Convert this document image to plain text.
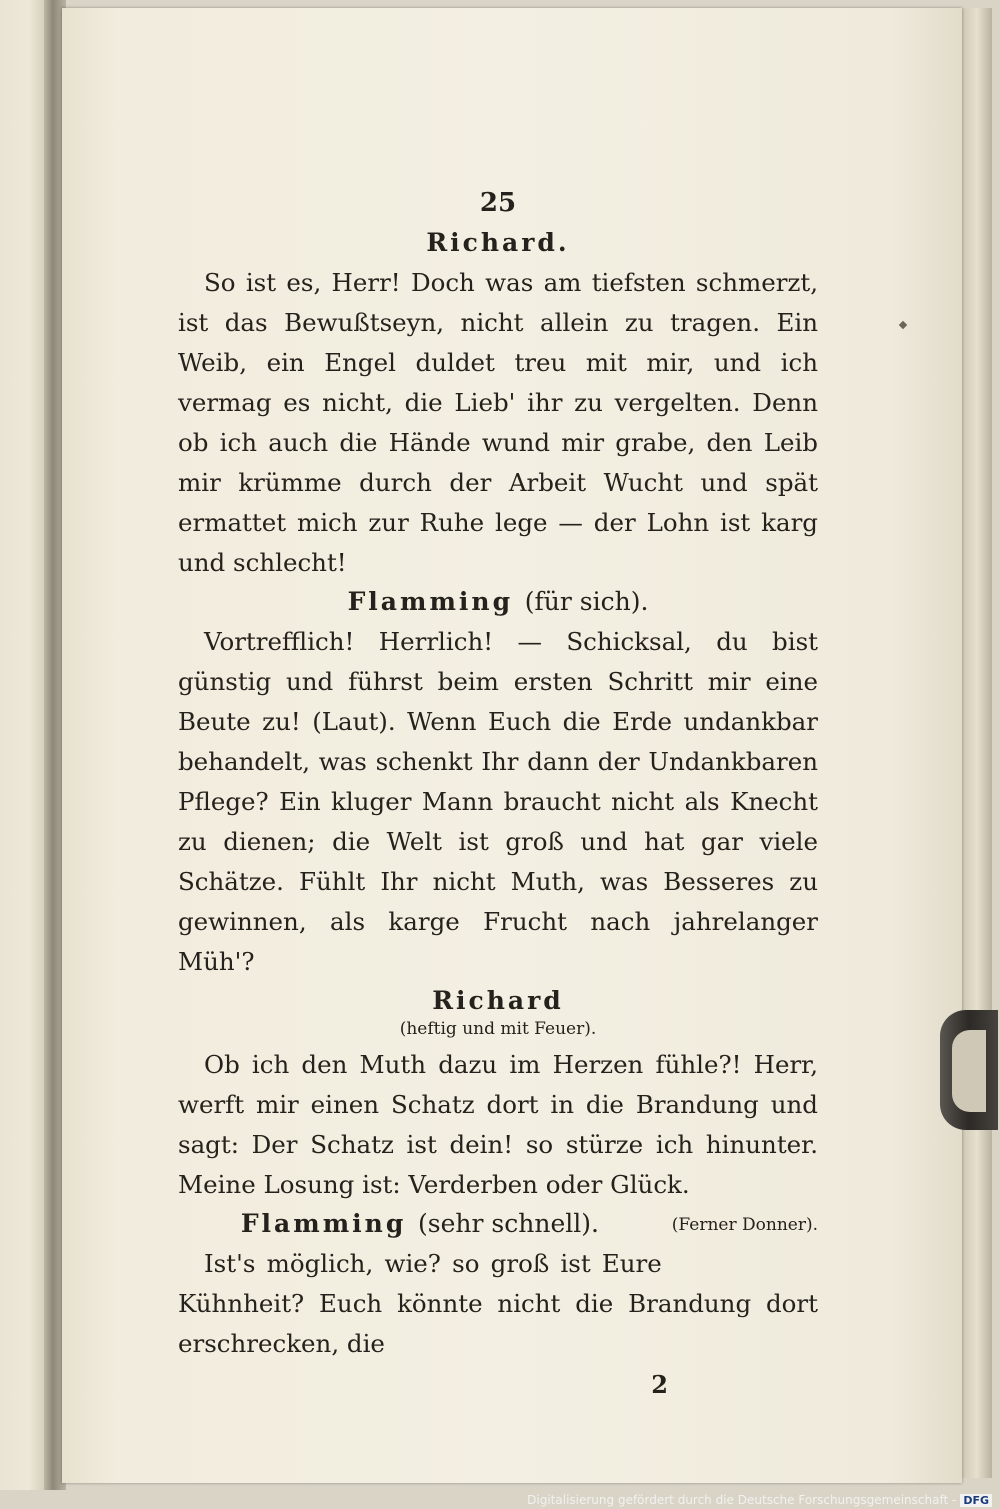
25
Richard.

So ist es, Herr! Doch was am tiefsten schmerzt, ist das Bewußtseyn, nicht allein zu tragen. Ein Weib, ein Engel duldet treu mit mir, und ich vermag es nicht, die Lieb' ihr zu vergelten. Denn ob ich auch die Hände wund mir grabe, den Leib mir krümme durch der Arbeit Wucht und spät ermattet mich zur Ruhe lege — der Lohn ist karg und schlecht!

Flamming (für sich).

Vortrefflich! Herrlich! — Schicksal, du bist günstig und führst beim ersten Schritt mir eine Beute zu! (Laut). Wenn Euch die Erde undankbar behandelt, was schenkt Ihr dann der Undankbaren Pflege? Ein kluger Mann braucht nicht als Knecht zu dienen; die Welt ist groß und hat gar viele Schätze. Fühlt Ihr nicht Muth, was Besseres zu gewinnen, als karge Frucht nach jahrelanger Müh'?

Richard
(heftig und mit Feuer).

Ob ich den Muth dazu im Herzen fühle?! Herr, werft mir einen Schatz dort in die Brandung und sagt: Der Schatz ist dein! so stürze ich hinunter. Meine Losung ist: Verderben oder Glück.
(Ferner Donner).

Flamming (sehr schnell).

Ist's möglich, wie? so groß ist Eure Kühnheit? Euch könnte nicht die Brandung dort erschrecken, die

2
Digitalisierung gefördert durch die Deutsche Forschungsgemeinschaft - DFG
